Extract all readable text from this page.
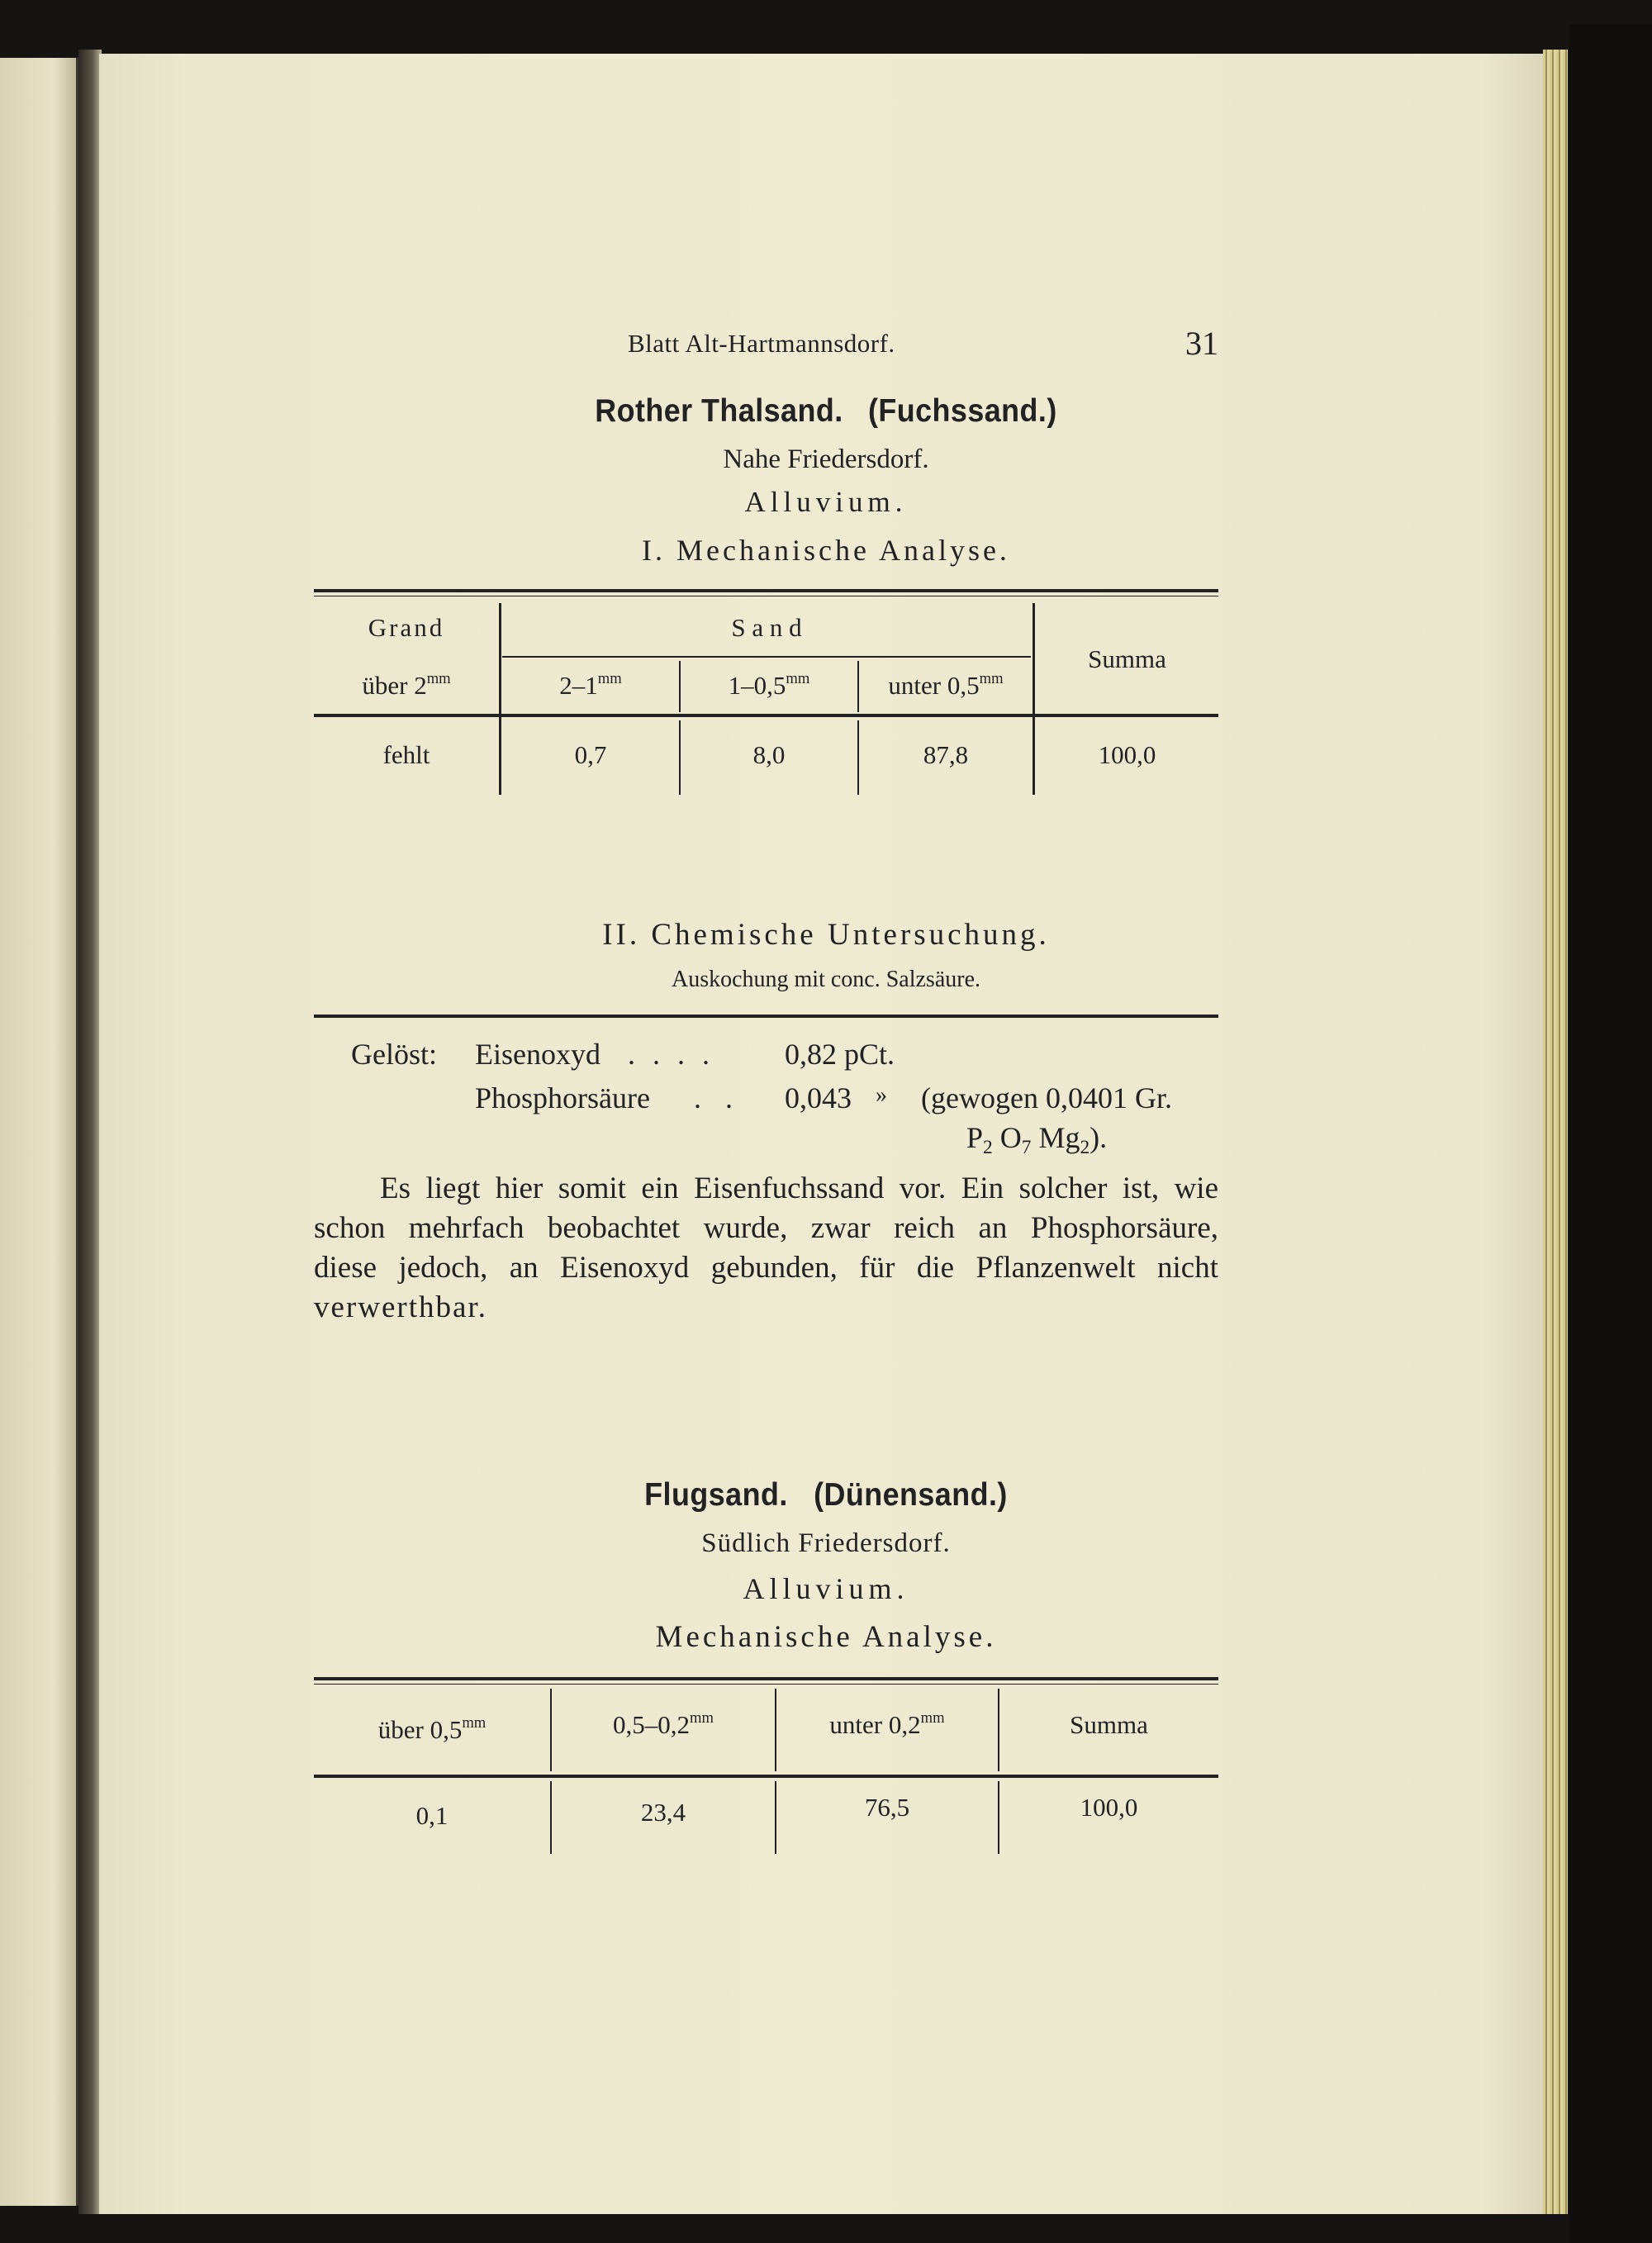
Blatt Alt-Hartmannsdorf.	31
Rother Thalsand. (Fuchssand.)
Nahe Friedersdorf.
Alluvium.
I. Mechanische Analyse.
Grand	S a n d
Summa
über $2^{mm}$	$2-1^{mm}$	$1-0,5^{mm}$	unter $0,5^{mm}$
fehlt	0,7	8,0	87,8	100,0
II. Chemische Untersuchung.
Auskochung mit conc. Salzsäure.
Gelöst: Eisenoxyd . . . . 0,82 pCt.
Phosphorsäure . . 0,043 » (gewogen 0,0401 Gr.
$P_2$ $O_7$ $Mg_2$).
Es liegt hier somit ein Eisenfuchssand vor. Ein solcher ist, wie
schon mehrfach beobachtet wurde, zwar reich an Phosphorsäure,
diese jedoch, an Eisenoxyd gebunden, für die Pflanzenwelt nicht
verwerthbar.
Flugsand. (Dünensand.)
Südlich Friedersdorf.
Alluvium.
Mechanische Analyse.
über $0,5^{mm}$	$0,5-0,2^{mm}$	unter $0,2^{mm}$	Summa
0,1	23,4	76,5	100,0
